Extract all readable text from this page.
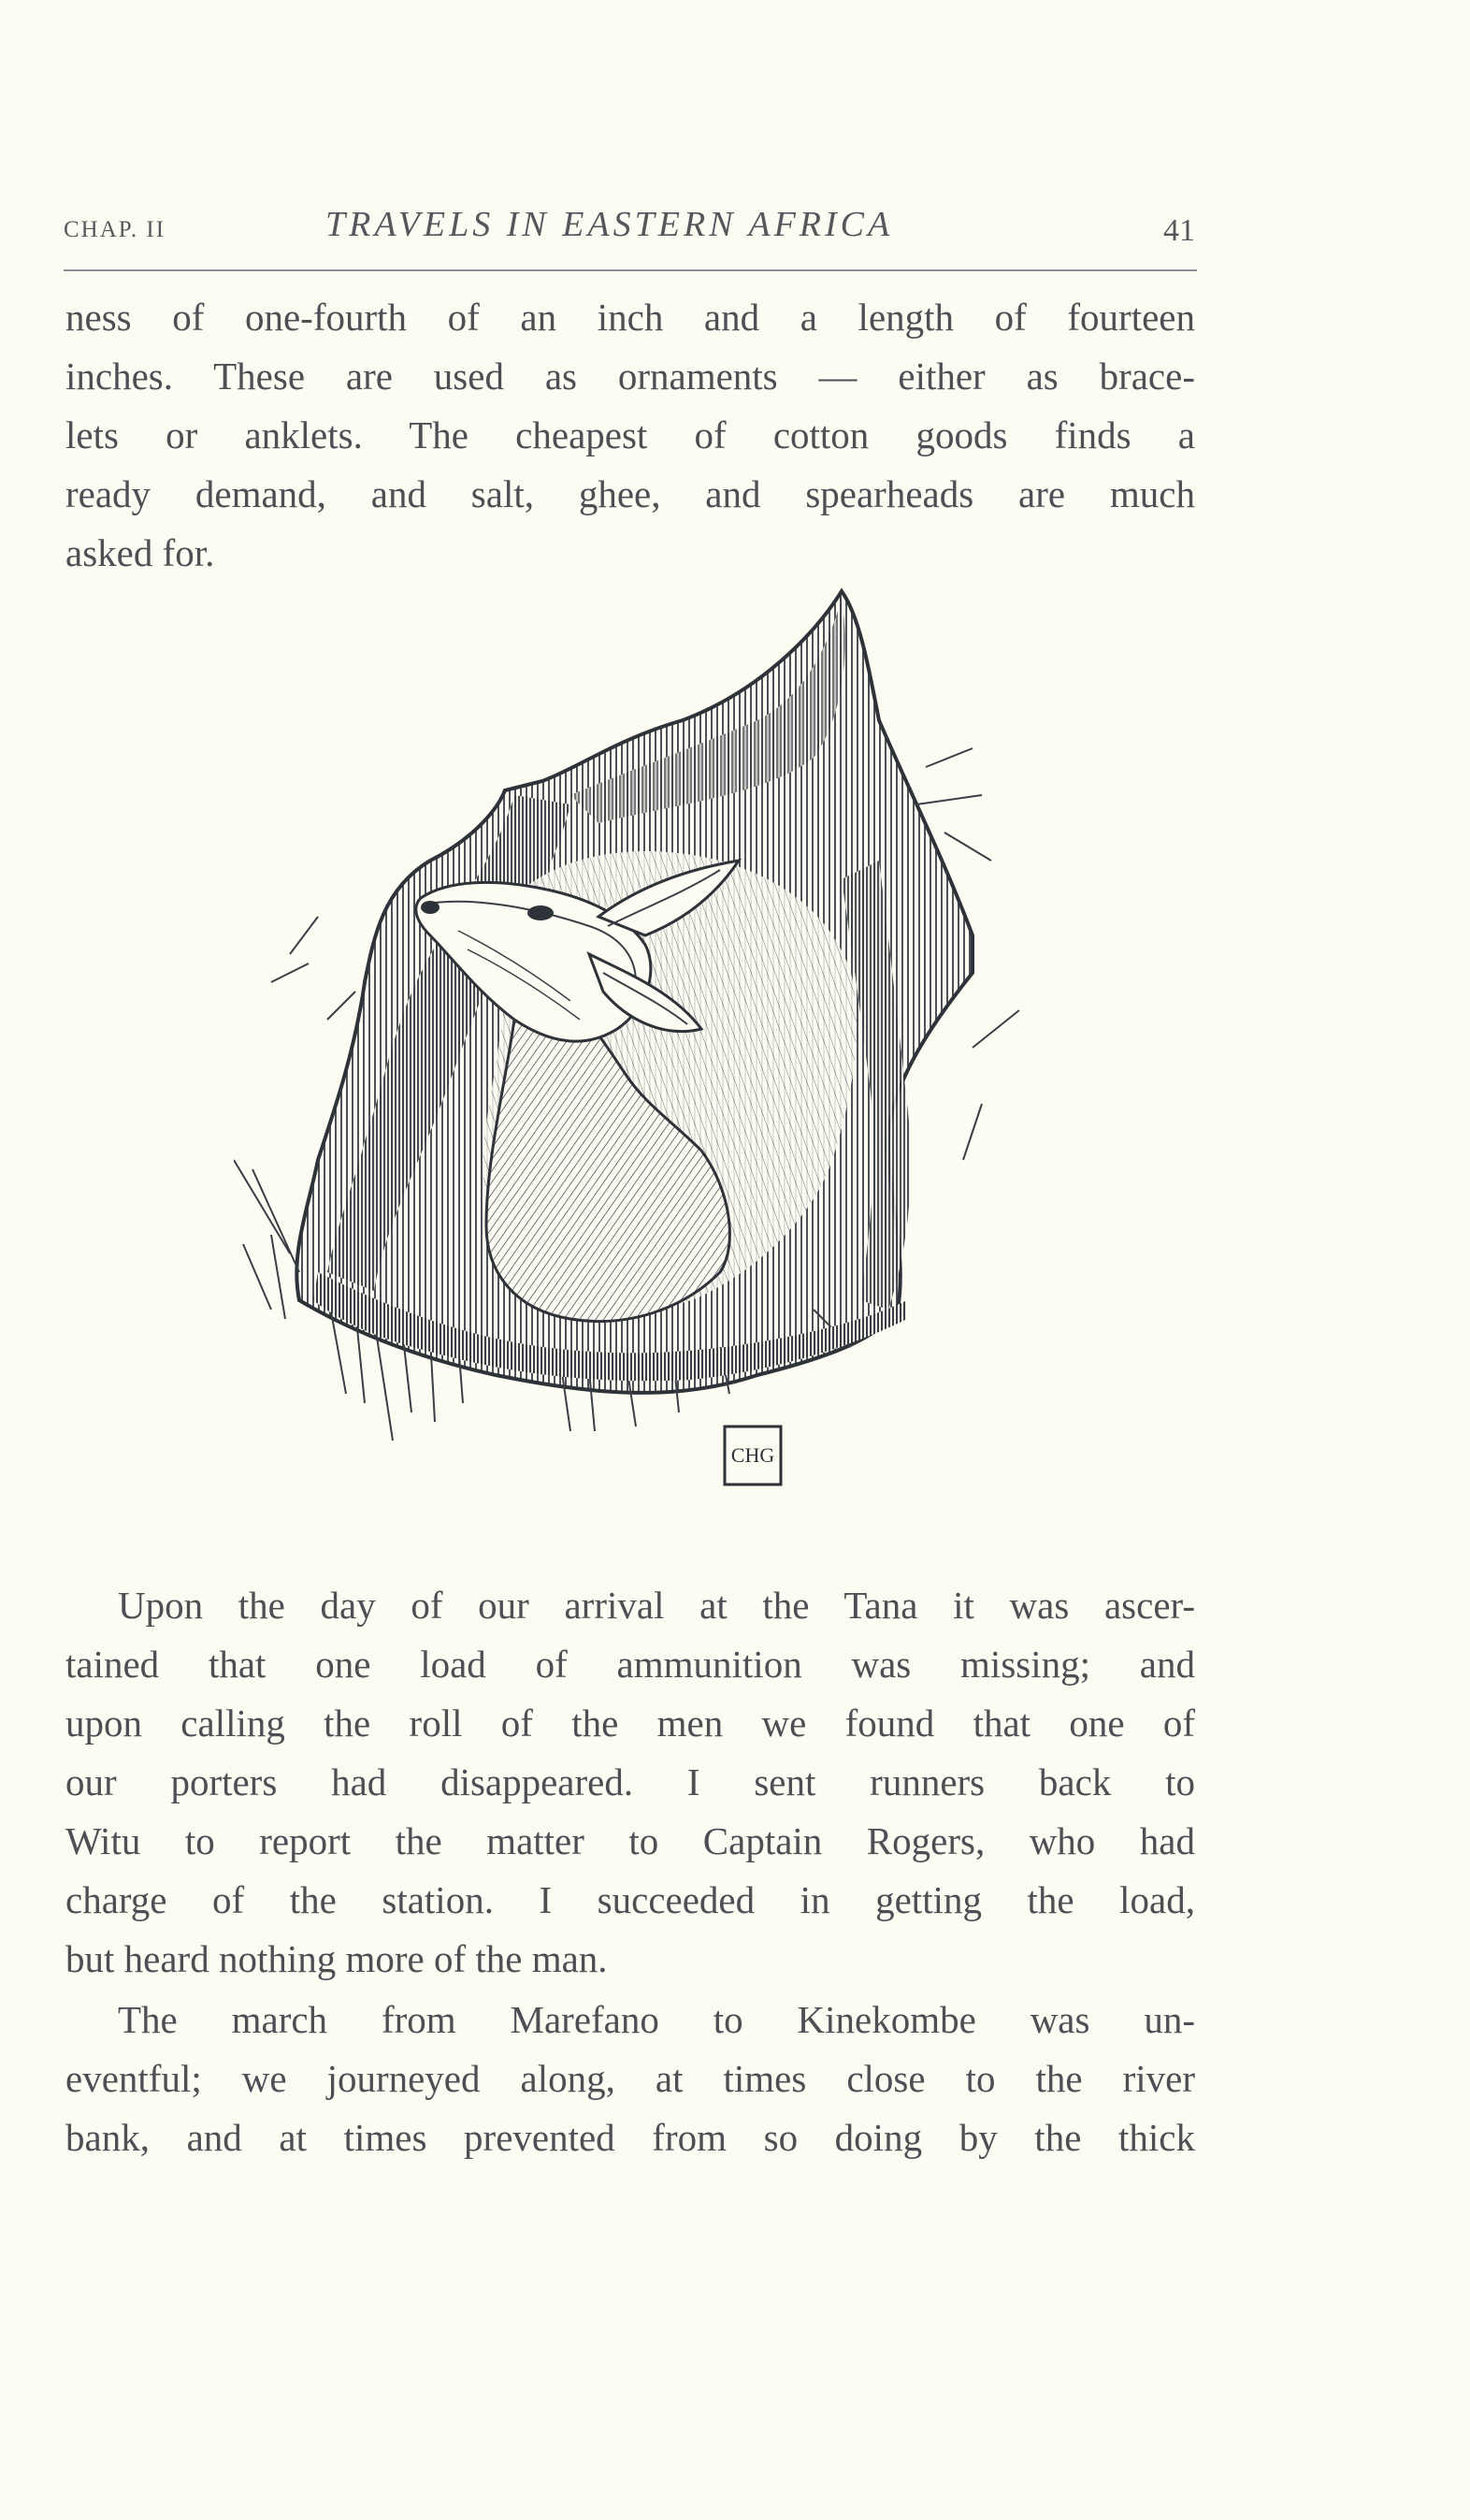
CHAP. II	TRAVELS IN EASTERN AFRICA	41
ness of one-fourth of an inch and a length of fourteen
inches. These are used as ornaments — either as brace-
lets or anklets. The cheapest of cotton goods finds a
ready demand, and salt, ghee, and spearheads are much
asked for.
CHG
Upon the day of our arrival at the Tana it was ascer-
tained that one load of ammunition was missing; and
upon calling the roll of the men we found that one of
our porters had disappeared. I sent runners back to
Witu to report the matter to Captain Rogers, who had
charge of the station. I succeeded in getting the load,
but heard nothing more of the man.
The march from Marefano to Kinekombe was un-
eventful; we journeyed along, at times close to the river
bank, and at times prevented from so doing by the thick
